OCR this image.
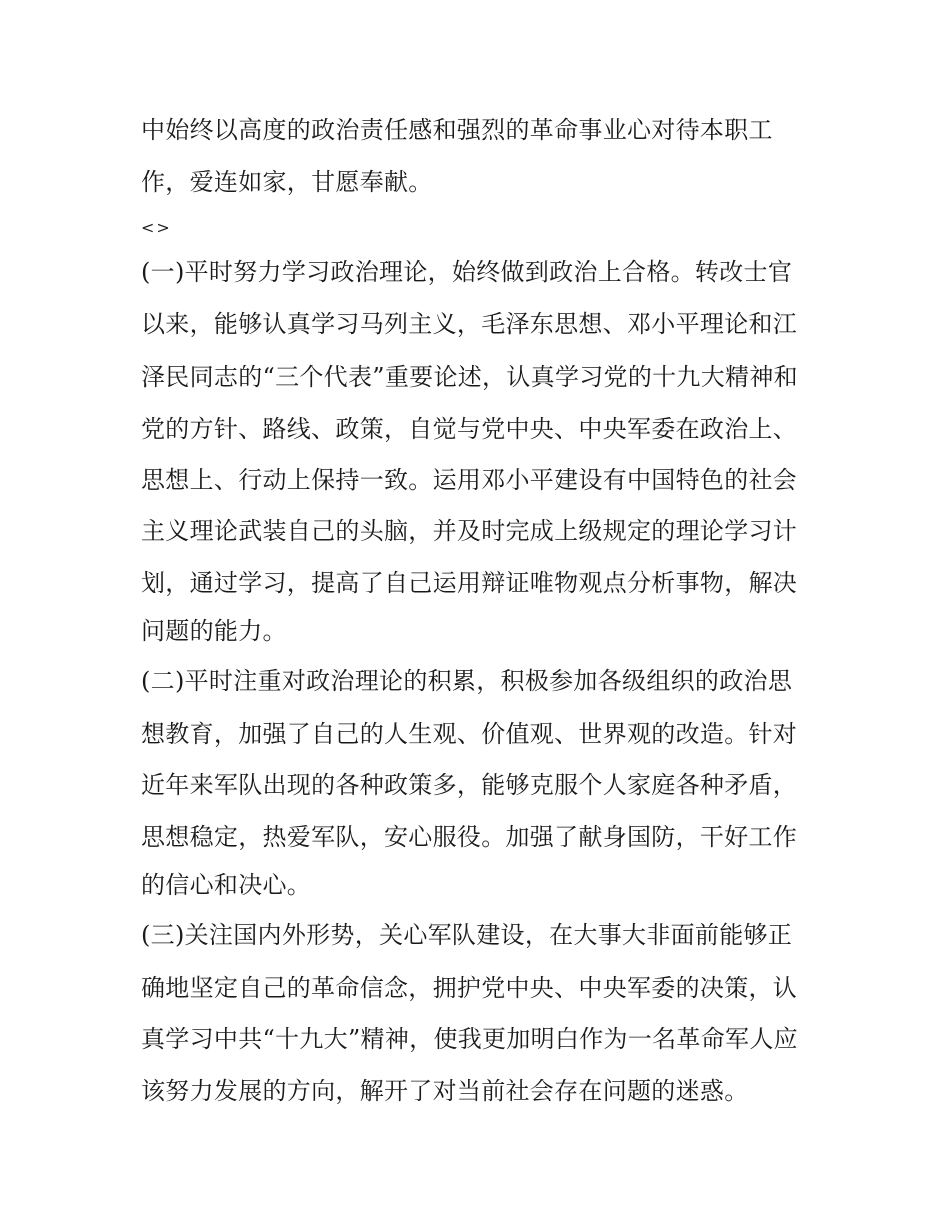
中始终以高度的政治责任感和强烈的革命事业心对待本职工
作，爱连如家，甘愿奉献。
<>
(一)平时努力学习政治理论，始终做到政治上合格。转改士官
以来，能够认真学习马列主义，毛泽东思想、邓小平理论和江
泽民同志的“三个代表”重要论述，认真学习党的十九大精神和
党的方针、路线、政策，自觉与党中央、中央军委在政治上、
思想上、行动上保持一致。运用邓小平建设有中国特色的社会
主义理论武装自己的头脑，并及时完成上级规定的理论学习计
划，通过学习，提高了自己运用辩证唯物观点分析事物，解决
问题的能力。
(二)平时注重对政治理论的积累，积极参加各级组织的政治思
想教育，加强了自己的人生观、价值观、世界观的改造。针对
近年来军队出现的各种政策多，能够克服个人家庭各种矛盾，
思想稳定，热爱军队，安心服役。加强了献身国防，干好工作
的信心和决心。
(三)关注国内外形势，关心军队建设，在大事大非面前能够正
确地坚定自己的革命信念，拥护党中央、中央军委的决策，认
真学习中共“十九大”精神，使我更加明白作为一名革命军人应
该努力发展的方向，解开了对当前社会存在问题的迷惑。
